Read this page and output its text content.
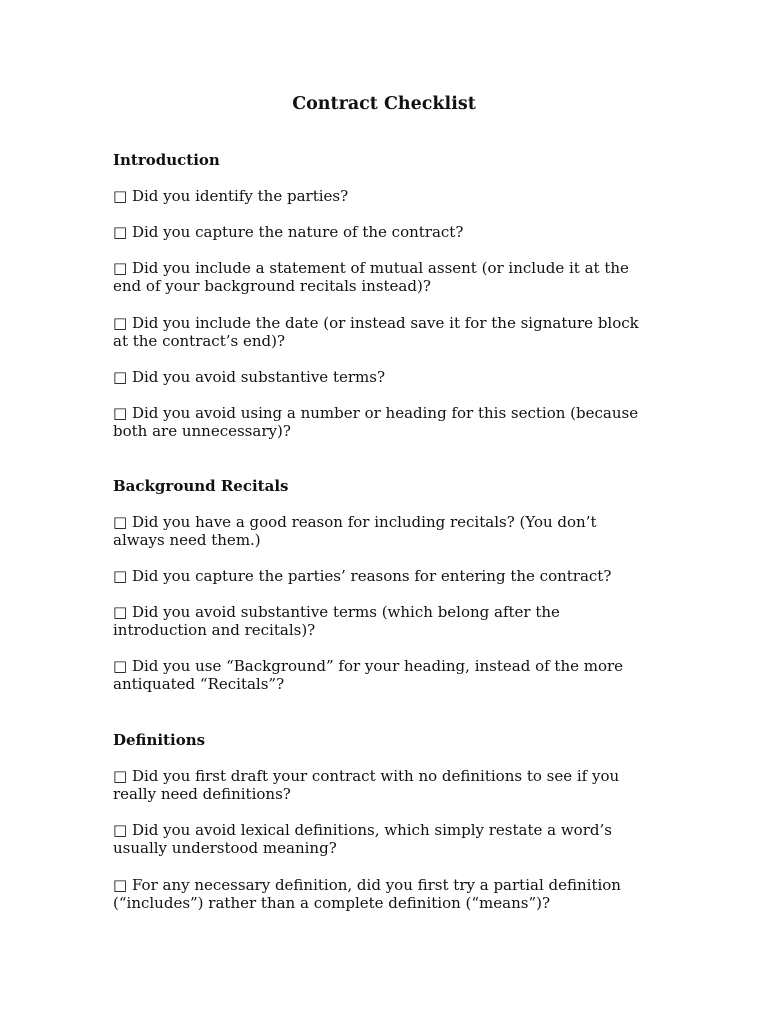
Contract Checklist
Introduction
□ Did you identify the parties?
□ Did you capture the nature of the contract?
□ Did you include a statement of mutual assent (or include it at the
end of your background recitals instead)?
□ Did you include the date (or instead save it for the signature block
at the contract’s end)?
□ Did you avoid substantive terms?
□ Did you avoid using a number or heading for this section (because
both are unnecessary)?
Background Recitals
□ Did you have a good reason for including recitals? (You don’t
always need them.)
□ Did you capture the parties’ reasons for entering the contract?
□ Did you avoid substantive terms (which belong after the
introduction and recitals)?
□ Did you use “Background” for your heading, instead of the more
antiquated “Recitals”?
Definitions
□ Did you first draft your contract with no definitions to see if you
really need definitions?
□ Did you avoid lexical definitions, which simply restate a word’s
usually understood meaning?
□ For any necessary definition, did you first try a partial definition
(“includes”) rather than a complete definition (“means”)?
